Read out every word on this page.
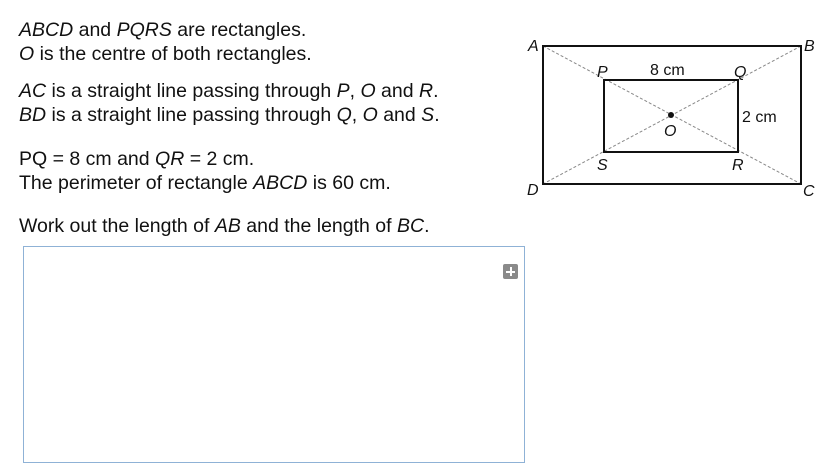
ABCD and PQRS are rectangles.
O is the centre of both rectangles.

AC is a straight line passing through P, O and R.
BD is a straight line passing through Q, O and S.

PQ = 8 cm and QR = 2 cm.
The perimeter of rectangle ABCD is 60 cm.

Work out the length of AB and the length of BC.

A	B
C
D
P	Q
R
S
O
8 cm
2 cm
